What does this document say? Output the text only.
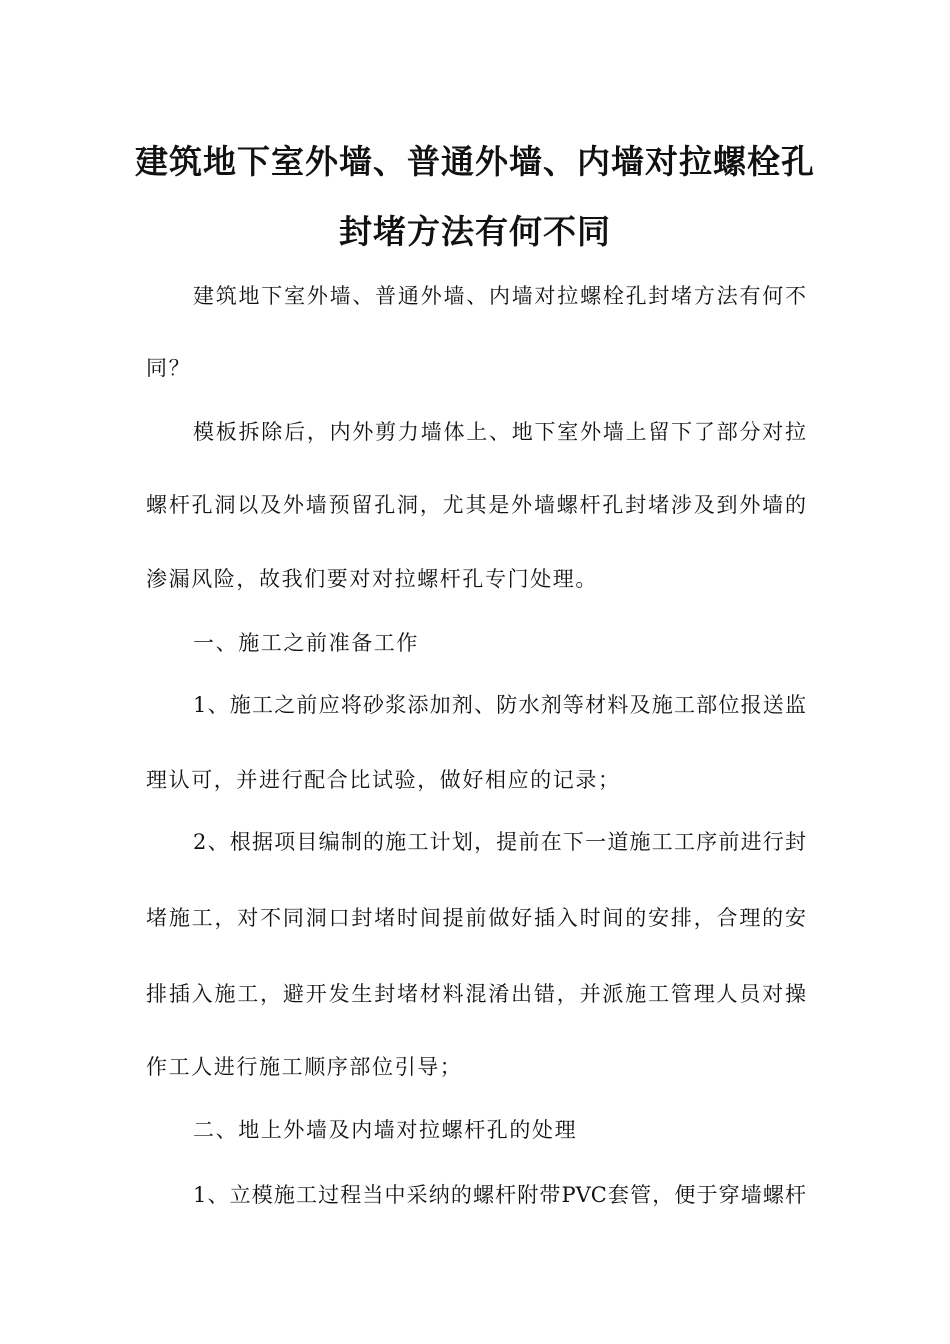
建筑地下室外墙、普通外墙、内墙对拉螺栓孔
封堵方法有何不同
建筑地下室外墙、普通外墙、内墙对拉螺栓孔封堵方法有何不
同？
模板拆除后，内外剪力墙体上、地下室外墙上留下了部分对拉
螺杆孔洞以及外墙预留孔洞，尤其是外墙螺杆孔封堵涉及到外墙的
渗漏风险，故我们要对对拉螺杆孔专门处理。
一、施工之前准备工作
1、施工之前应将砂浆添加剂、防水剂等材料及施工部位报送监
理认可，并进行配合比试验，做好相应的记录；
2、根据项目编制的施工计划，提前在下一道施工工序前进行封
堵施工，对不同洞口封堵时间提前做好插入时间的安排，合理的安
排插入施工，避开发生封堵材料混淆出错，并派施工管理人员对操
作工人进行施工顺序部位引导；
二、地上外墙及内墙对拉螺杆孔的处理
1、立模施工过程当中采纳的螺杆附带PVC套管，便于穿墙螺杆
